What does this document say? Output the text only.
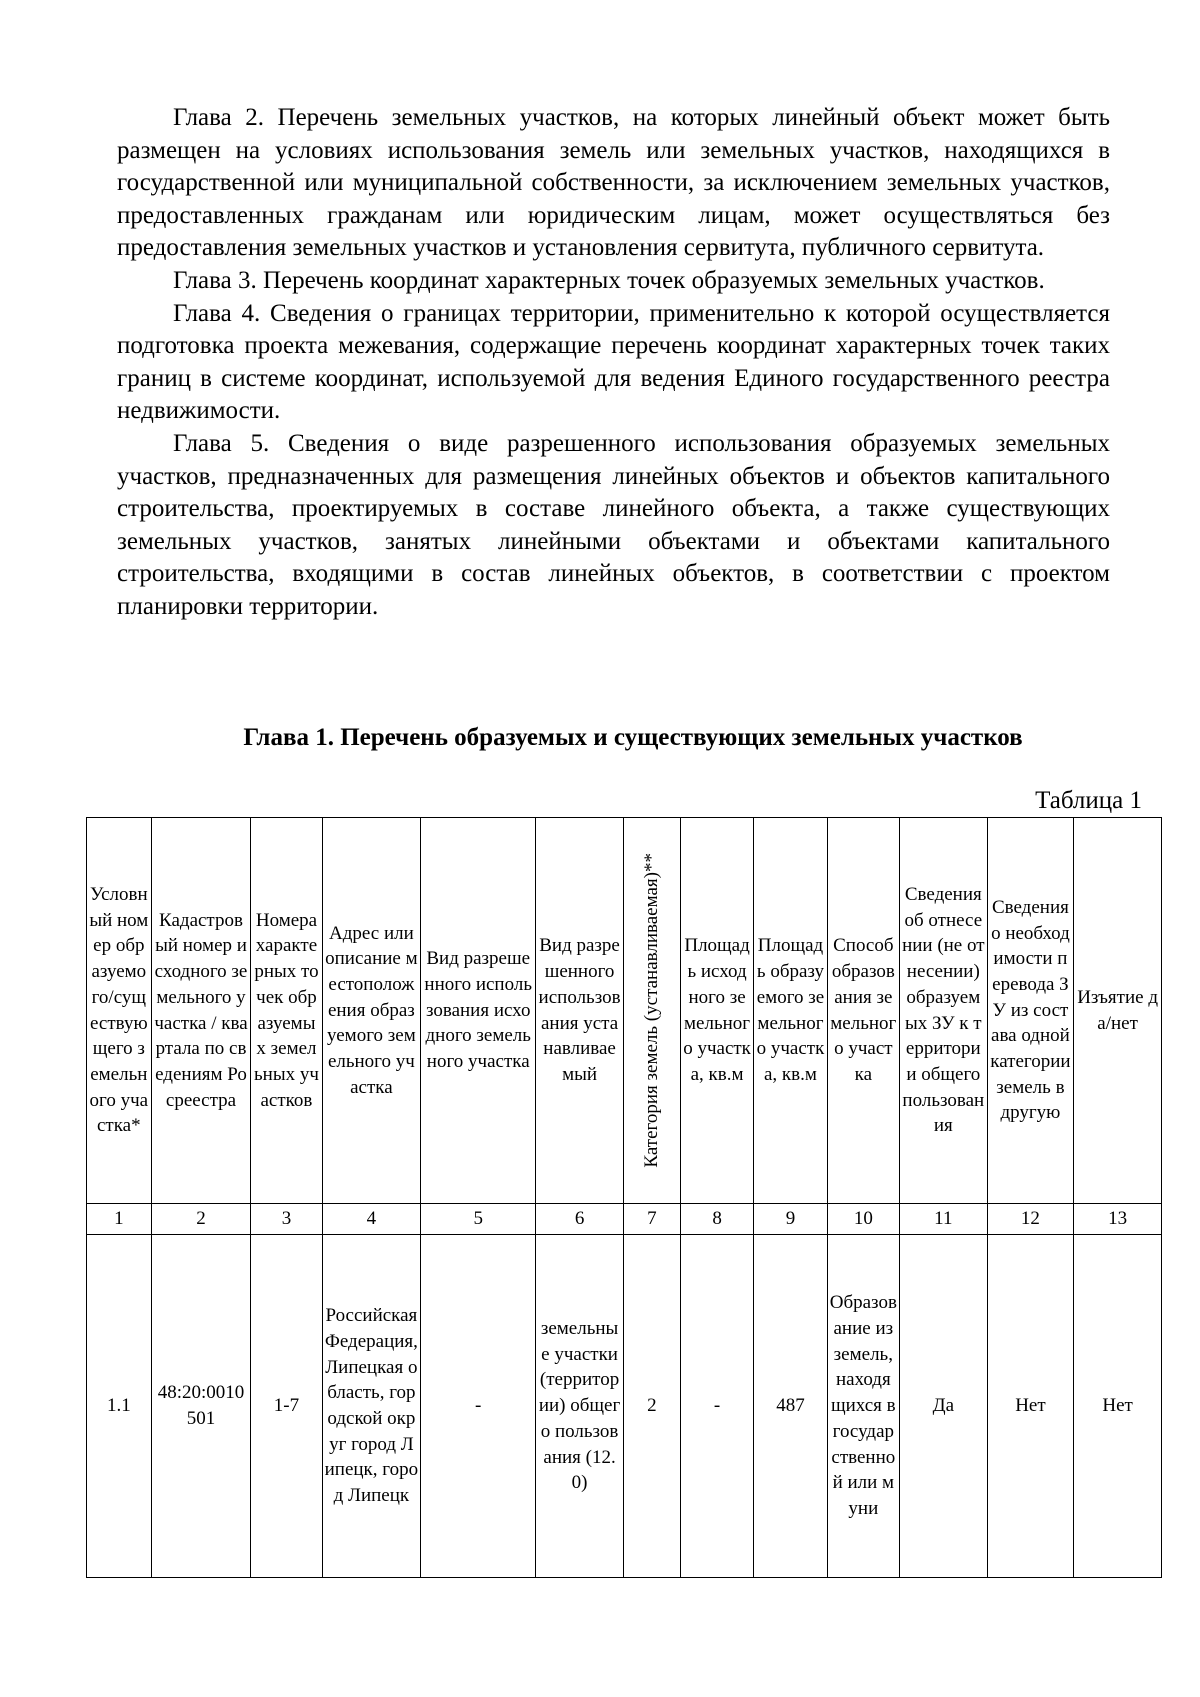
Глава 2. Перечень земельных участков, на которых линейный объект может быть размещен на условиях использования земель или земельных участков, находящихся в государственной или муниципальной собственности, за исключением земельных участков, предоставленных гражданам или юридическим лицам, может осуществляться без предоставления земельных участков и установления сервитута, публичного сервитута.

Глава 3. Перечень координат характерных точек образуемых земельных участков.

Глава 4. Сведения о границах территории, применительно к которой осуществляется подготовка проекта межевания, содержащие перечень координат характерных точек таких границ в системе координат, используемой для ведения Единого государственного реестра недвижимости.

Глава 5. Сведения о виде разрешенного использования образуемых земельных участков, предназначенных для размещения линейных объектов и объектов капитального строительства, проектируемых в составе линейного объекта, а также существующих земельных участков, занятых линейными объектами и объектами капитального строительства, входящими в состав линейных объектов, в соответствии с проектом планировки территории.

Глава 1. Перечень образуемых и существующих земельных участков

Таблица 1
Условный номер образуемого/существующего земельного участка*	Кадастровый номер исходного земельного участка / квартала по сведениям Росреестра	Номера характерных точек образуемых земельных участков	Адрес или описание местоположения образуемого земельного участка	Вид разрешенного использования исходного земельного участка	Вид разрешенного использования устанавливаемый	Категория земель (устанавливаемая)**	Площадь исходного земельного участка, кв.м	Площадь образуемого земельного участка, кв.м	Способ образования земельного участка	Сведения об отнесении (не отнесении) образуемых ЗУ к территории общего пользования	Сведения о необходимости перевода ЗУ из состава одной категории земель в другую	Изъятие да/нет
1	2	3	4	5	6	7	8	9	10	11	12	13
1.1	48:20:0010501	1-7	Российская Федерация, Липецкая область, городской округ город Липецк, город Липецк	-	земельные участки (территории) общего пользования (12.0)	2	-	487	Образование из земель, находящихся в государственной или муни	Да	Нет	Нет
